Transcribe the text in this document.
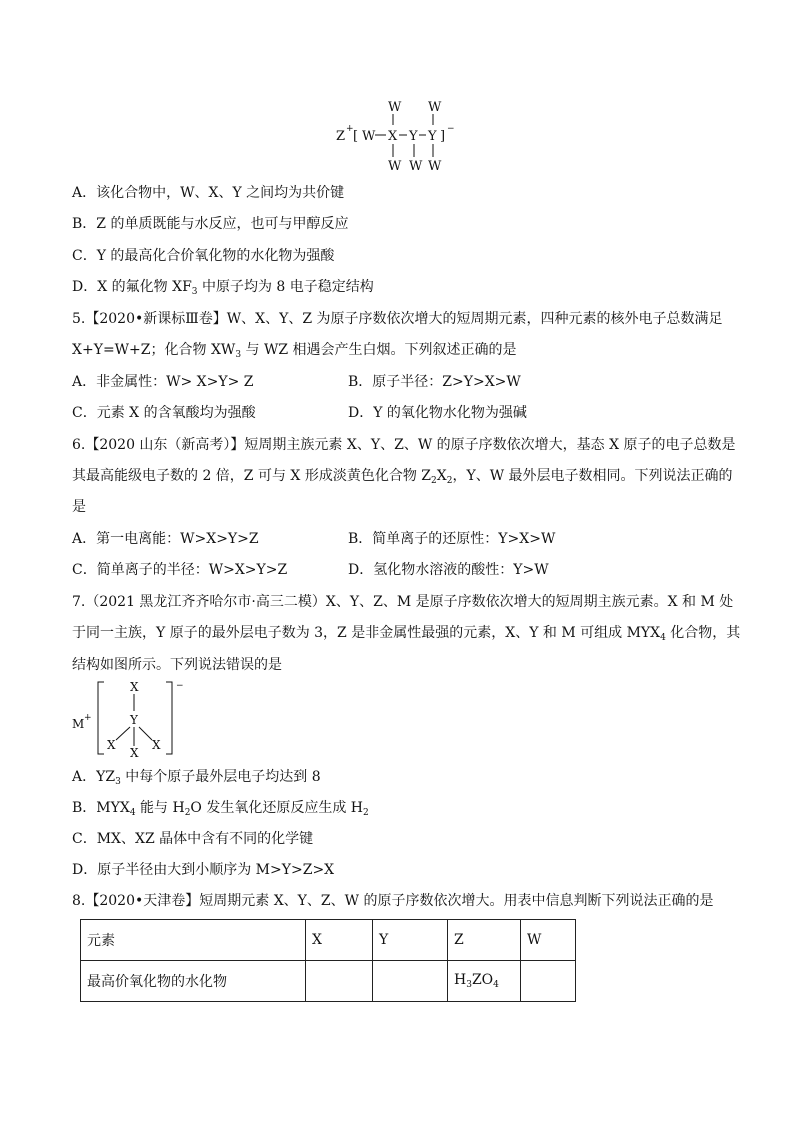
Z + [ W X Y Y ] −
W W
W W W
A．该化合物中，W、X、Y 之间均为共价键
B．Z 的单质既能与水反应，也可与甲醇反应
C．Y 的最高化合价氧化物的水化物为强酸
D．X 的氟化物 $XF_3$ 中原子均为 8 电子稳定结构
5.【2020•新课标Ⅲ卷】W、X、Y、Z 为原子序数依次增大的短周期元素，四种元素的核外电子总数满足
X+Y=W+Z；化合物 $XW_3$ 与 WZ 相遇会产生白烟。下列叙述正确的是
A．非金属性：W> X>Y> Z	B．原子半径：Z>Y>X>W
C．元素 X 的含氧酸均为强酸	D．Y 的氧化物水化物为强碱
6.【2020 山东（新高考）】短周期主族元素 X、Y、Z、W 的原子序数依次增大，基态 X 原子的电子总数是
其最高能级电子数的 2 倍，Z 可与 X 形成淡黄色化合物 $Z_2X_2$，Y、W 最外层电子数相同。下列说法正确的
是
A．第一电离能：W>X>Y>Z	B．简单离子的还原性：Y>X>W
C．简单离子的半径：W>X>Y>Z	D．氢化物水溶液的酸性：Y>W
7.（2021 黑龙江齐齐哈尔市·高三二模）X、Y、Z、M 是原子序数依次增大的短周期主族元素。X 和 M 处
于同一主族，Y 原子的最外层电子数为 3，Z 是非金属性最强的元素，X、Y 和 M 可组成 $MYX_4$ 化合物，其
结构如图所示。下列说法错误的是
M +
X
Y
X	X
X
−
A．$YZ_3$ 中每个原子最外层电子均达到 8
B．$MYX_4$ 能与 $H_2O$ 发生氧化还原反应生成 $H_2$
C．MX、XZ 晶体中含有不同的化学键
D．原子半径由大到小顺序为 M>Y>Z>X
8.【2020•天津卷】短周期元素 X、Y、Z、W 的原子序数依次增大。用表中信息判断下列说法正确的是
元素	X	Y	Z	W
最高价氧化物的水化物			$H_3ZO_4$	
